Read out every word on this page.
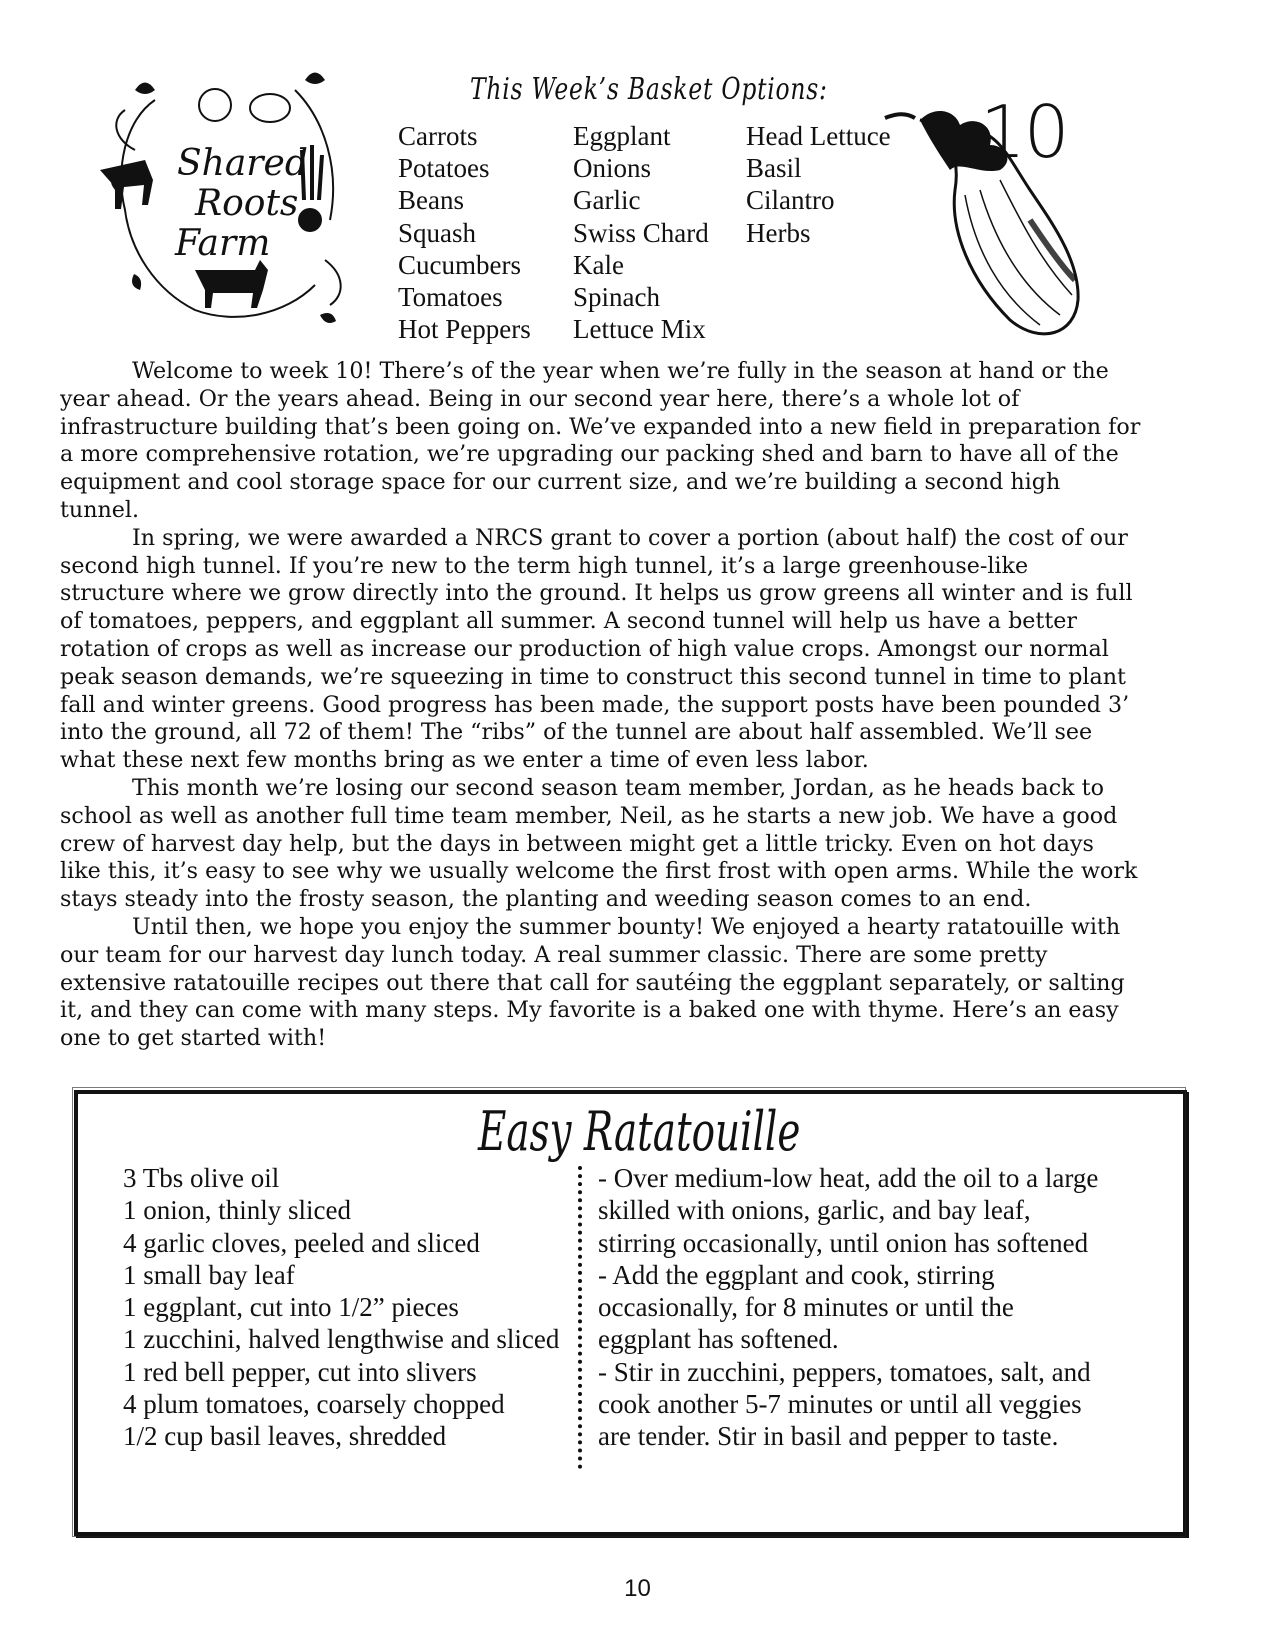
Shared
Roots
Farm
This Week’s Basket Options:
Carrots
Potatoes
Beans
Squash
Cucumbers
Tomatoes
Hot Peppers
Eggplant
Onions
Garlic
Swiss Chard
Kale
Spinach
Lettuce Mix
Head Lettuce
Basil
Cilantro
Herbs
10

Welcome to week 10! There’s of the year when we’re fully in the season at hand or the
year ahead. Or the years ahead. Being in our second year here, there’s a whole lot of
infrastructure building that’s been going on. We’ve expanded into a new field in preparation for
a more comprehensive rotation, we’re upgrading our packing shed and barn to have all of the
equipment and cool storage space for our current size, and we’re building a second high
tunnel.

In spring, we were awarded a NRCS grant to cover a portion (about half) the cost of our
second high tunnel. If you’re new to the term high tunnel, it’s a large greenhouse-like
structure where we grow directly into the ground. It helps us grow greens all winter and is full
of tomatoes, peppers, and eggplant all summer. A second tunnel will help us have a better
rotation of crops as well as increase our production of high value crops. Amongst our normal
peak season demands, we’re squeezing in time to construct this second tunnel in time to plant
fall and winter greens. Good progress has been made, the support posts have been pounded 3’
into the ground, all 72 of them! The “ribs” of the tunnel are about half assembled. We’ll see
what these next few months bring as we enter a time of even less labor.

This month we’re losing our second season team member, Jordan, as he heads back to
school as well as another full time team member, Neil, as he starts a new job. We have a good
crew of harvest day help, but the days in between might get a little tricky. Even on hot days
like this, it’s easy to see why we usually welcome the first frost with open arms. While the work
stays steady into the frosty season, the planting and weeding season comes to an end.

Until then, we hope you enjoy the summer bounty! We enjoyed a hearty ratatouille with
our team for our harvest day lunch today. A real summer classic. There are some pretty
extensive ratatouille recipes out there that call for sautéing the eggplant separately, or salting
it, and they can come with many steps. My favorite is a baked one with thyme. Here’s an easy
one to get started with!

Easy Ratatouille
3 Tbs olive oil
1 onion, thinly sliced
4 garlic cloves, peeled and sliced
1 small bay leaf
1 eggplant, cut into 1/2” pieces
1 zucchini, halved lengthwise and sliced
1 red bell pepper, cut into slivers
4 plum tomatoes, coarsely chopped
1/2 cup basil leaves, shredded
- Over medium-low heat, add the oil to a large
skilled with onions, garlic, and bay leaf,
stirring occasionally, until onion has softened
- Add the eggplant and cook, stirring
occasionally, for 8 minutes or until the
eggplant has softened.
- Stir in zucchini, peppers, tomatoes, salt, and
cook another 5-7 minutes or until all veggies
are tender. Stir in basil and pepper to taste.
10
